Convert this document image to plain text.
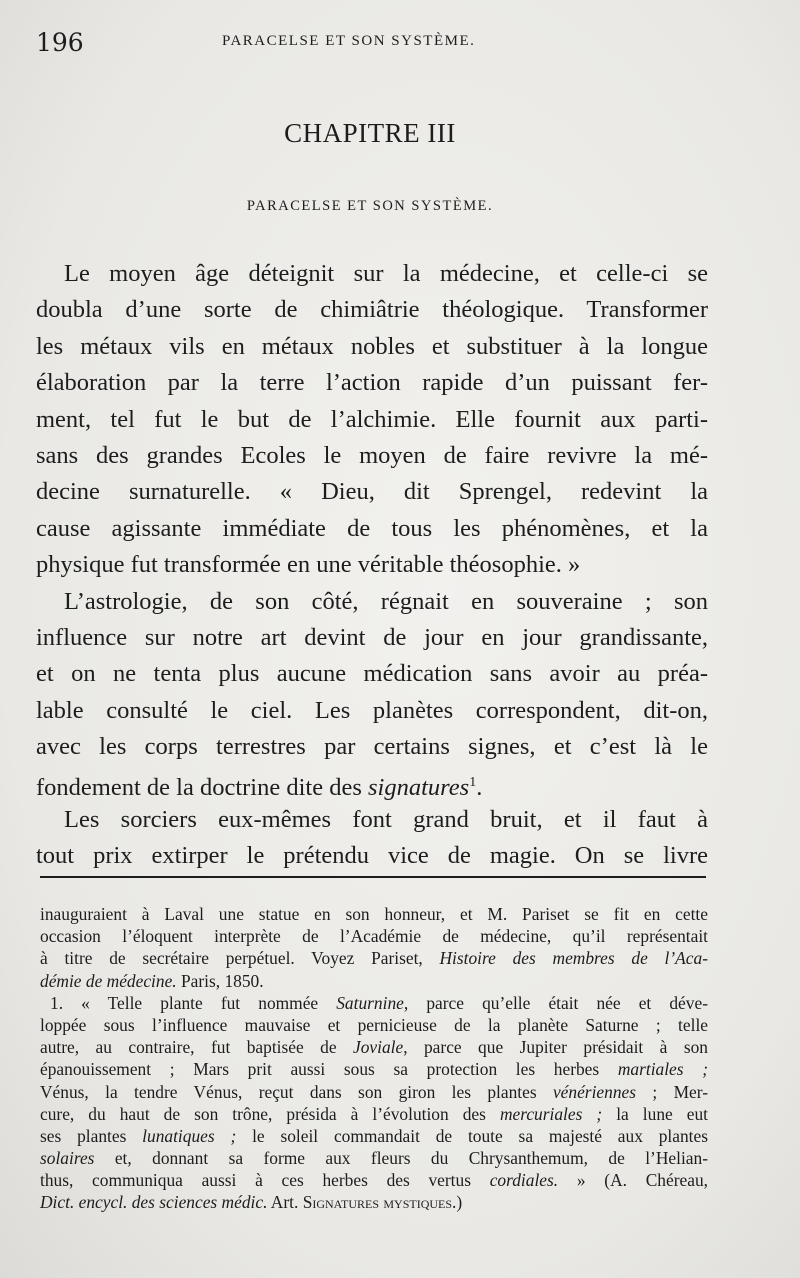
196	PARACELSE ET SON SYSTÈME.
CHAPITRE III
PARACELSE ET SON SYSTÈME.
Le moyen âge déteignit sur la médecine, et celle-ci se
doubla d’une sorte de chimiâtrie théologique. Transformer
les métaux vils en métaux nobles et substituer à la longue
élaboration par la terre l’action rapide d’un puissant fer-
ment, tel fut le but de l’alchimie. Elle fournit aux parti-
sans des grandes Ecoles le moyen de faire revivre la mé-
decine surnaturelle. « Dieu, dit Sprengel, redevint la
cause agissante immédiate de tous les phénomènes, et la
physique fut transformée en une véritable théosophie. »
L’astrologie, de son côté, régnait en souveraine ; son
influence sur notre art devint de jour en jour grandissante,
et on ne tenta plus aucune médication sans avoir au préa-
lable consulté le ciel. Les planètes correspondent, dit-on,
avec les corps terrestres par certains signes, et c’est là le
fondement de la doctrine dite des signatures$^1$.
Les sorciers eux-mêmes font grand bruit, et il faut à
tout prix extirper le prétendu vice de magie. On se livre
inauguraient à Laval une statue en son honneur, et M. Pariset se fit en cette
occasion l’éloquent interprète de l’Académie de médecine, qu’il représentait
à titre de secrétaire perpétuel. Voyez Pariset, Histoire des membres de l’Aca-
démie de médecine. Paris, 1850.
1. « Telle plante fut nommée Saturnine, parce qu’elle était née et déve-
loppée sous l’influence mauvaise et pernicieuse de la planète Saturne ; telle
autre, au contraire, fut baptisée de Joviale, parce que Jupiter présidait à son
épanouissement ; Mars prit aussi sous sa protection les herbes martiales ;
Vénus, la tendre Vénus, reçut dans son giron les plantes vénériennes ; Mer-
cure, du haut de son trône, présida à l’évolution des mercuriales ; la lune eut
ses plantes lunatiques ; le soleil commandait de toute sa majesté aux plantes
solaires et, donnant sa forme aux fleurs du Chrysanthemum, de l’Helian-
thus, communiqua aussi à ces herbes des vertus cordiales. » (A. Chéreau,
Dict. encycl. des sciences médic. Art. Signatures mystiques.)
